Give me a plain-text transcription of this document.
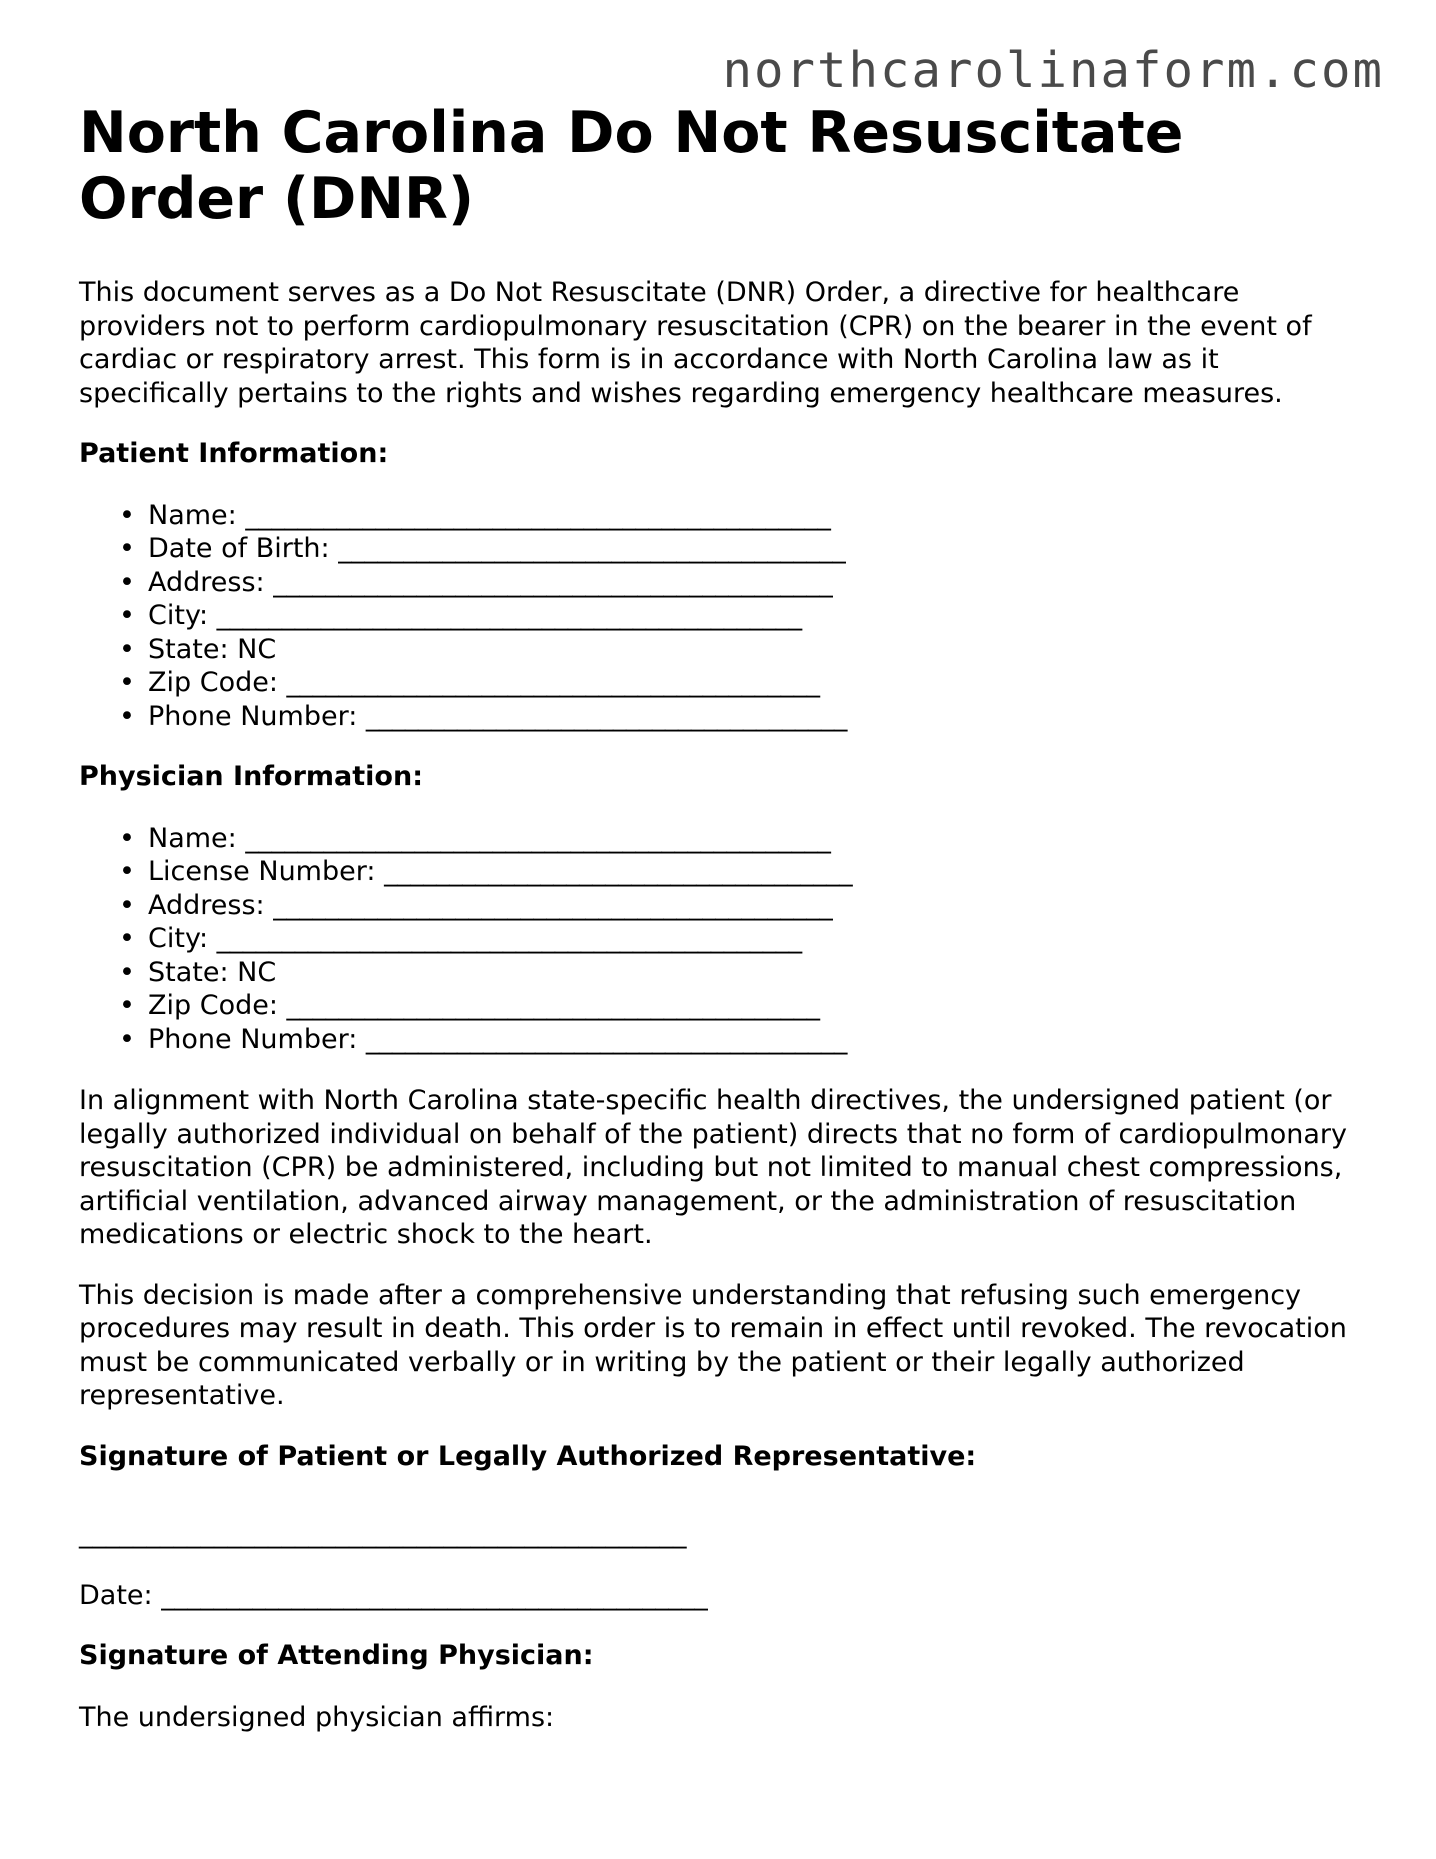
northcarolinaform.com
North Carolina Do Not Resuscitate Order (DNR)

This document serves as a Do Not Resuscitate (DNR) Order, a directive for healthcare providers not to perform cardiopulmonary resuscitation (CPR) on the bearer in the event of cardiac or respiratory arrest. This form is in accordance with North Carolina law as it specifically pertains to the rights and wishes regarding emergency healthcare measures.

Patient Information:

• Name: _____________________________________________
• Date of Birth: _______________________________________
• Address: ___________________________________________
• City: _____________________________________________
• State: NC
• Zip Code: _________________________________________
• Phone Number: _____________________________________

Physician Information:

• Name: _____________________________________________
• License Number: ____________________________________
• Address: ___________________________________________
• City: _____________________________________________
• State: NC
• Zip Code: _________________________________________
• Phone Number: _____________________________________

In alignment with North Carolina state-specific health directives, the undersigned patient (or legally authorized individual on behalf of the patient) directs that no form of cardiopulmonary resuscitation (CPR) be administered, including but not limited to manual chest compressions, artificial ventilation, advanced airway management, or the administration of resuscitation medications or electric shock to the heart.

This decision is made after a comprehensive understanding that refusing such emergency procedures may result in death. This order is to remain in effect until revoked. The revocation must be communicated verbally or in writing by the patient or their legally authorized representative.

Signature of Patient or Legally Authorized Representative:

_____________________________________________

Date: __________________________________________

Signature of Attending Physician:

The undersigned physician affirms:
